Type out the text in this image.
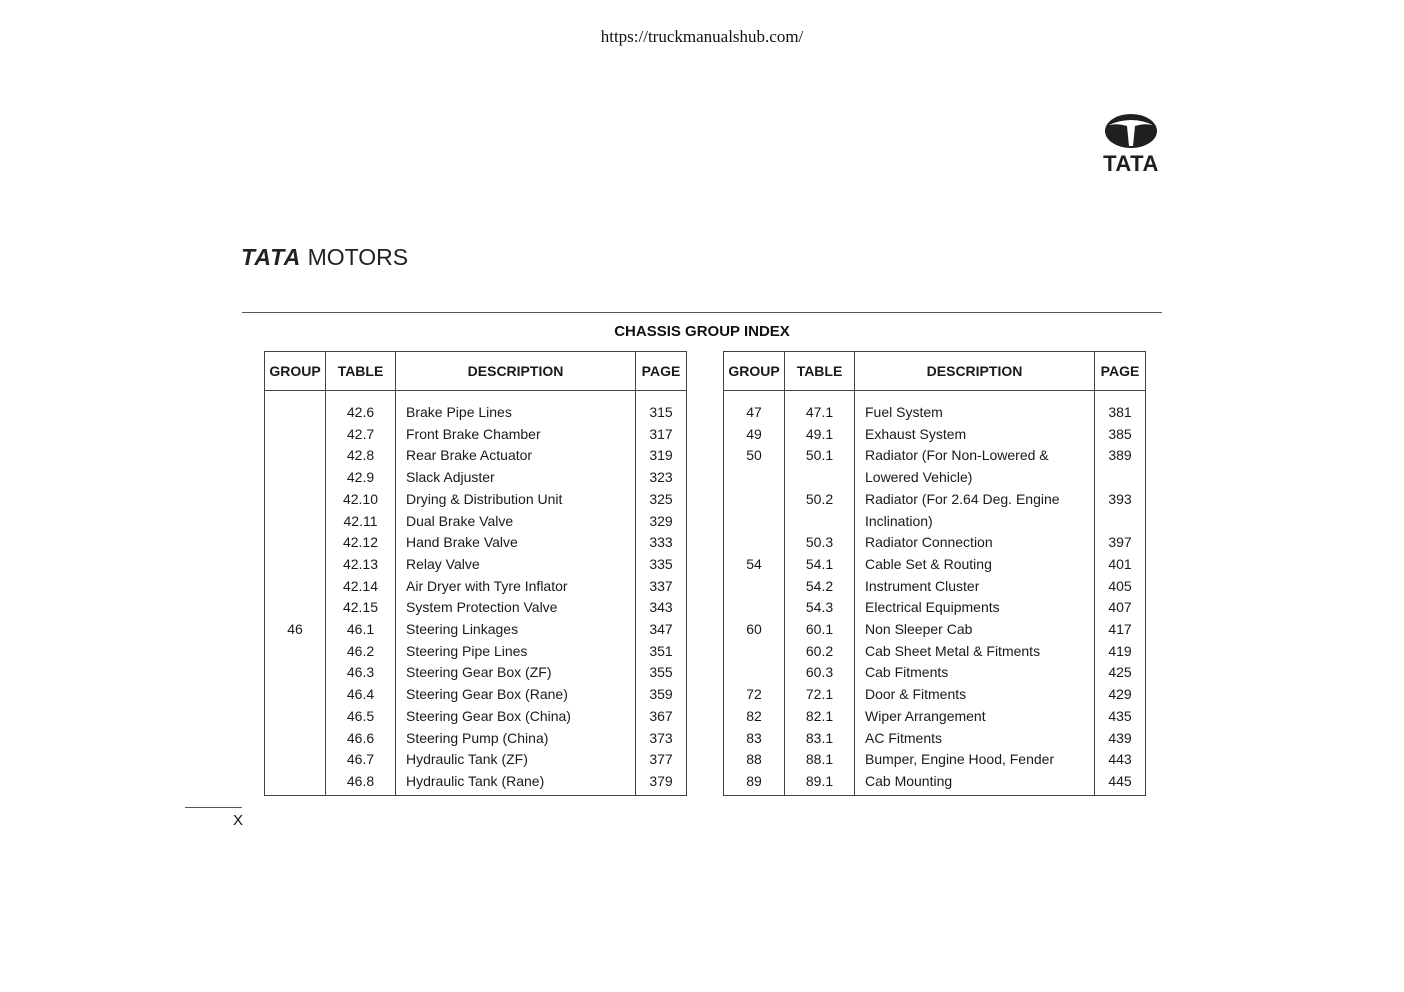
https://truckmanualshub.com/
TATA
TATA MOTORS
CHASSIS GROUP INDEX
GROUP	TABLE	DESCRIPTION	PAGE
	42.6	Brake Pipe Lines	315
	42.7	Front Brake Chamber	317
	42.8	Rear Brake Actuator	319
	42.9	Slack Adjuster	323
	42.10	Drying & Distribution Unit	325
	42.11	Dual Brake Valve	329
	42.12	Hand Brake Valve	333
	42.13	Relay Valve	335
	42.14	Air Dryer with Tyre Inflator	337
	42.15	System Protection Valve	343
46	46.1	Steering Linkages	347
	46.2	Steering Pipe Lines	351
	46.3	Steering Gear Box (ZF)	355
	46.4	Steering Gear Box (Rane)	359
	46.5	Steering Gear Box (China)	367
	46.6	Steering Pump (China)	373
	46.7	Hydraulic Tank (ZF)	377
	46.8	Hydraulic Tank (Rane)	379
GROUP	TABLE	DESCRIPTION	PAGE
47	47.1	Fuel System	381
49	49.1	Exhaust System	385
50	50.1	Radiator (For Non-Lowered &	389
		Lowered Vehicle)	
	50.2	Radiator (For 2.64 Deg. Engine	393
		Inclination)	
	50.3	Radiator Connection	397
54	54.1	Cable Set & Routing	401
	54.2	Instrument Cluster	405
	54.3	Electrical Equipments	407
60	60.1	Non Sleeper Cab	417
	60.2	Cab Sheet Metal & Fitments	419
	60.3	Cab Fitments	425
72	72.1	Door & Fitments	429
82	82.1	Wiper Arrangement	435
83	83.1	AC Fitments	439
88	88.1	Bumper, Engine Hood, Fender	443
89	89.1	Cab Mounting	445
X
